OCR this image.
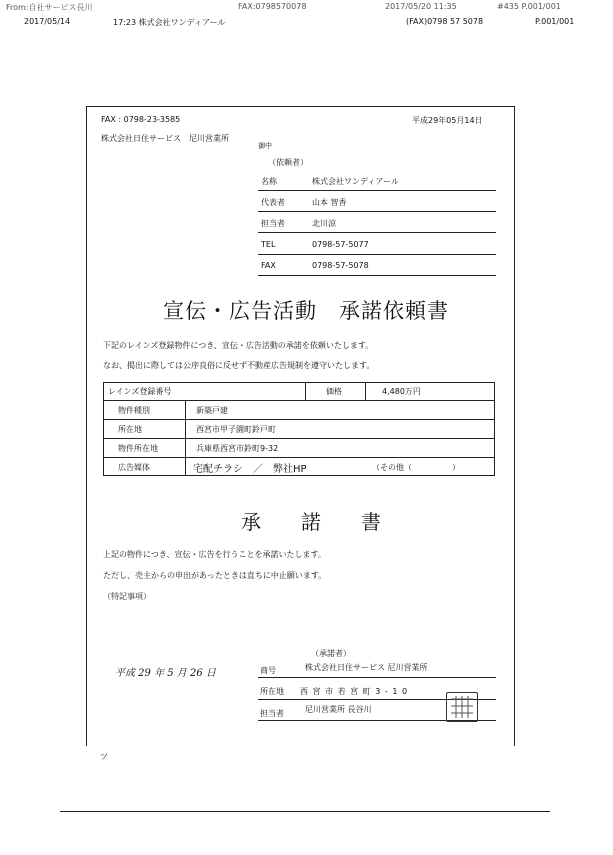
From:自社サービス長川	FAX:0798570078	2017/05/20 11:35	#435 P.001/001
2017/05/14	17:23 株式会社ワンディアール	(FAX)0798 57 5078	P.001/001
FAX : 0798-23-3585	平成29年05月14日
株式会社日住サービス　尼川営業所
御中
（依頼者）
名称	株式会社ワンディアール
代表者	山本 智香
担当者	北川涼
TEL	0798-57-5077
FAX	0798-57-5078
宣伝・広告活動　承諾依頼書
下記のレインズ登録物件につき、宣伝・広告活動の承諾を依頼いたします。
なお、掲出に際しては公序良俗に反せず不動産広告規制を遵守いたします。
レインズ登録番号	価格	4,480万円
物件種別	新築戸建
所在地	西宮市甲子園町鈴戸町
物件所在地	兵庫県西宮市鈴町9-32
広告媒体	宅配チラシ　／　弊社HP	（その他（　　　　　）
承　　諾　　書
上記の物件につき、宣伝・広告を行うことを承諾いたします。
ただし、売主からの申出があったときは直ちに中止願います。
（特記事項）
（承諾者）
平成 29 年 5 月 26 日	商号	株式会社日住サービス 尼川営業所
所在地 西 宮 市 若 宮 町 3 - 1 0
担当者	尼川営業所 長谷川
ツ
